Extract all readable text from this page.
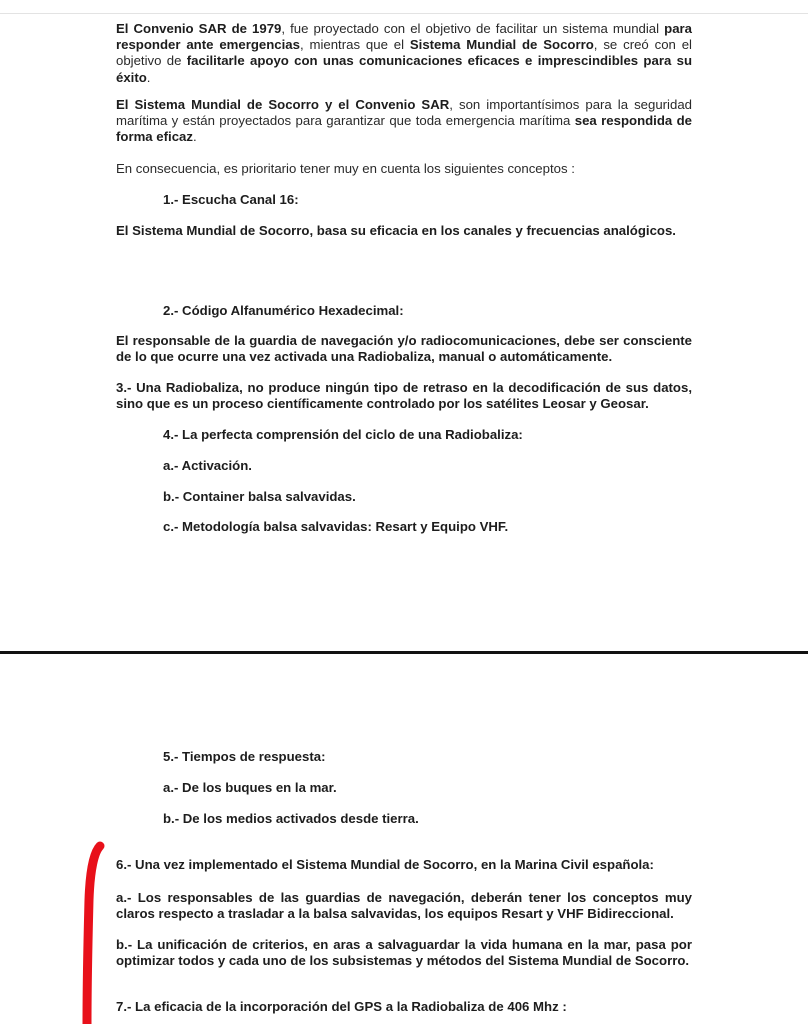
El Convenio SAR de 1979, fue proyectado con el objetivo de facilitar un sistema mundial para responder ante emergencias, mientras que el Sistema Mundial de Socorro, se creó con el objetivo de facilitarle apoyo con unas comunicaciones eficaces e imprescindibles para su éxito.

El Sistema Mundial de Socorro y el Convenio SAR, son importantísimos para la seguridad marítima y están proyectados para garantizar que toda emergencia marítima sea respondida de forma eficaz.

En consecuencia, es prioritario tener muy en cuenta los siguientes conceptos :

1.- Escucha Canal 16:

El Sistema Mundial de Socorro, basa su eficacia en los canales y frecuencias analógicos.

2.- Código Alfanumérico Hexadecimal:

El responsable de la guardia de navegación y/o radiocomunicaciones, debe ser consciente de lo que ocurre una vez activada una Radiobaliza, manual o automáticamente.

3.- Una Radiobaliza, no produce ningún tipo de retraso en la decodificación de sus datos, sino que es un proceso científicamente controlado por los satélites Leosar y Geosar.

4.- La perfecta comprensión del ciclo de una Radiobaliza:

a.- Activación.

b.- Container balsa salvavidas.

c.- Metodología balsa salvavidas: Resart y Equipo VHF.

5.- Tiempos de respuesta:

a.- De los buques en la mar.

b.- De los medios activados desde tierra.

6.- Una vez implementado el Sistema Mundial de Socorro, en la Marina Civil española:

a.- Los responsables de las guardias de navegación, deberán tener los conceptos muy claros respecto a trasladar a la balsa salvavidas, los equipos Resart y VHF Bidireccional.

b.- La unificación de criterios, en aras a salvaguardar la vida humana en la mar, pasa por optimizar todos y cada uno de los subsistemas y métodos del Sistema Mundial de Socorro.

7.- La eficacia de la incorporación del GPS a la Radiobaliza de 406 Mhz :
